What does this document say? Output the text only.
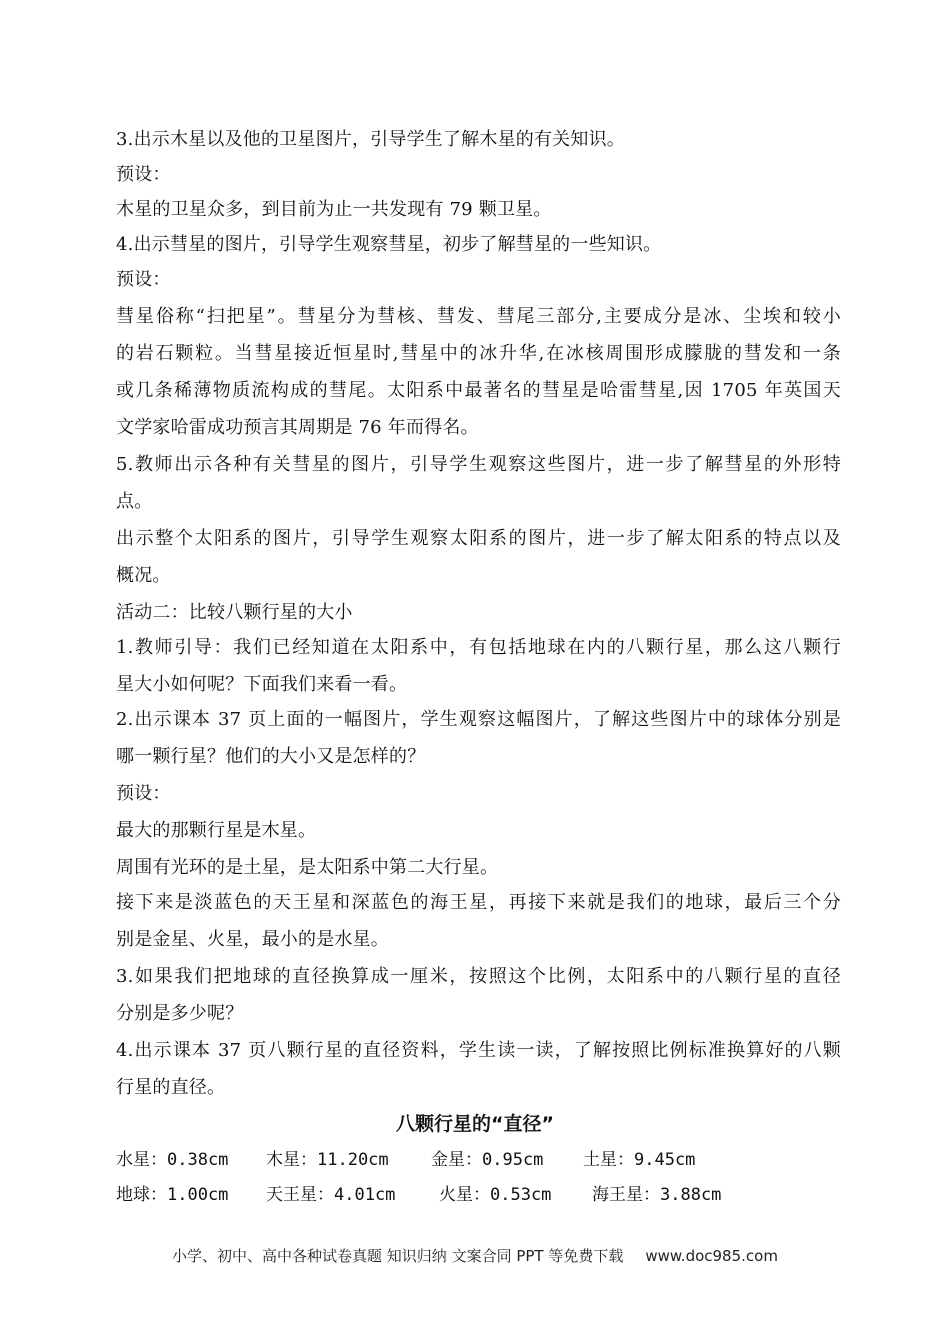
3.出示木星以及他的卫星图片，引导学生了解木星的有关知识。
预设：
木星的卫星众多，到目前为止一共发现有 79 颗卫星。
4.出示彗星的图片，引导学生观察彗星，初步了解彗星的一些知识。
预设：
彗星俗称“扫把星”。彗星分为彗核、彗发、彗尾三部分,主要成分是冰、尘埃和较小
的岩石颗粒。当彗星接近恒星时,彗星中的冰升华,在冰核周围形成朦胧的彗发和一条
或几条稀薄物质流构成的彗尾。太阳系中最著名的彗星是哈雷彗星,因 1705 年英国天
文学家哈雷成功预言其周期是 76 年而得名。
5.教师出示各种有关彗星的图片，引导学生观察这些图片，进一步了解彗星的外形特
点。
出示整个太阳系的图片，引导学生观察太阳系的图片，进一步了解太阳系的特点以及
概况。
活动二：比较八颗行星的大小
1.教师引导：我们已经知道在太阳系中，有包括地球在内的八颗行星，那么这八颗行
星大小如何呢？下面我们来看一看。
2.出示课本 37 页上面的一幅图片，学生观察这幅图片，了解这些图片中的球体分别是
哪一颗行星？他们的大小又是怎样的？
预设：
最大的那颗行星是木星。
周围有光环的是土星，是太阳系中第二大行星。
接下来是淡蓝色的天王星和深蓝色的海王星，再接下来就是我们的地球，最后三个分
别是金星、火星，最小的是水星。
3.如果我们把地球的直径换算成一厘米，按照这个比例，太阳系中的八颗行星的直径
分别是多少呢？
4.出示课本 37 页八颗行星的直径资料，学生读一读，了解按照比例标准换算好的八颗
行星的直径。
八颗行星的“直径”
水星：0.38cm 木星：11.20cm 金星：0.95cm 土星：9.45cm
地球：1.00cm 天王星：4.01cm	火星：0.53cm 海王星：3.88cm
小学、初中、高中各种试卷真题 知识归纳 文案合同 PPT 等免费下载 www.doc985.com
